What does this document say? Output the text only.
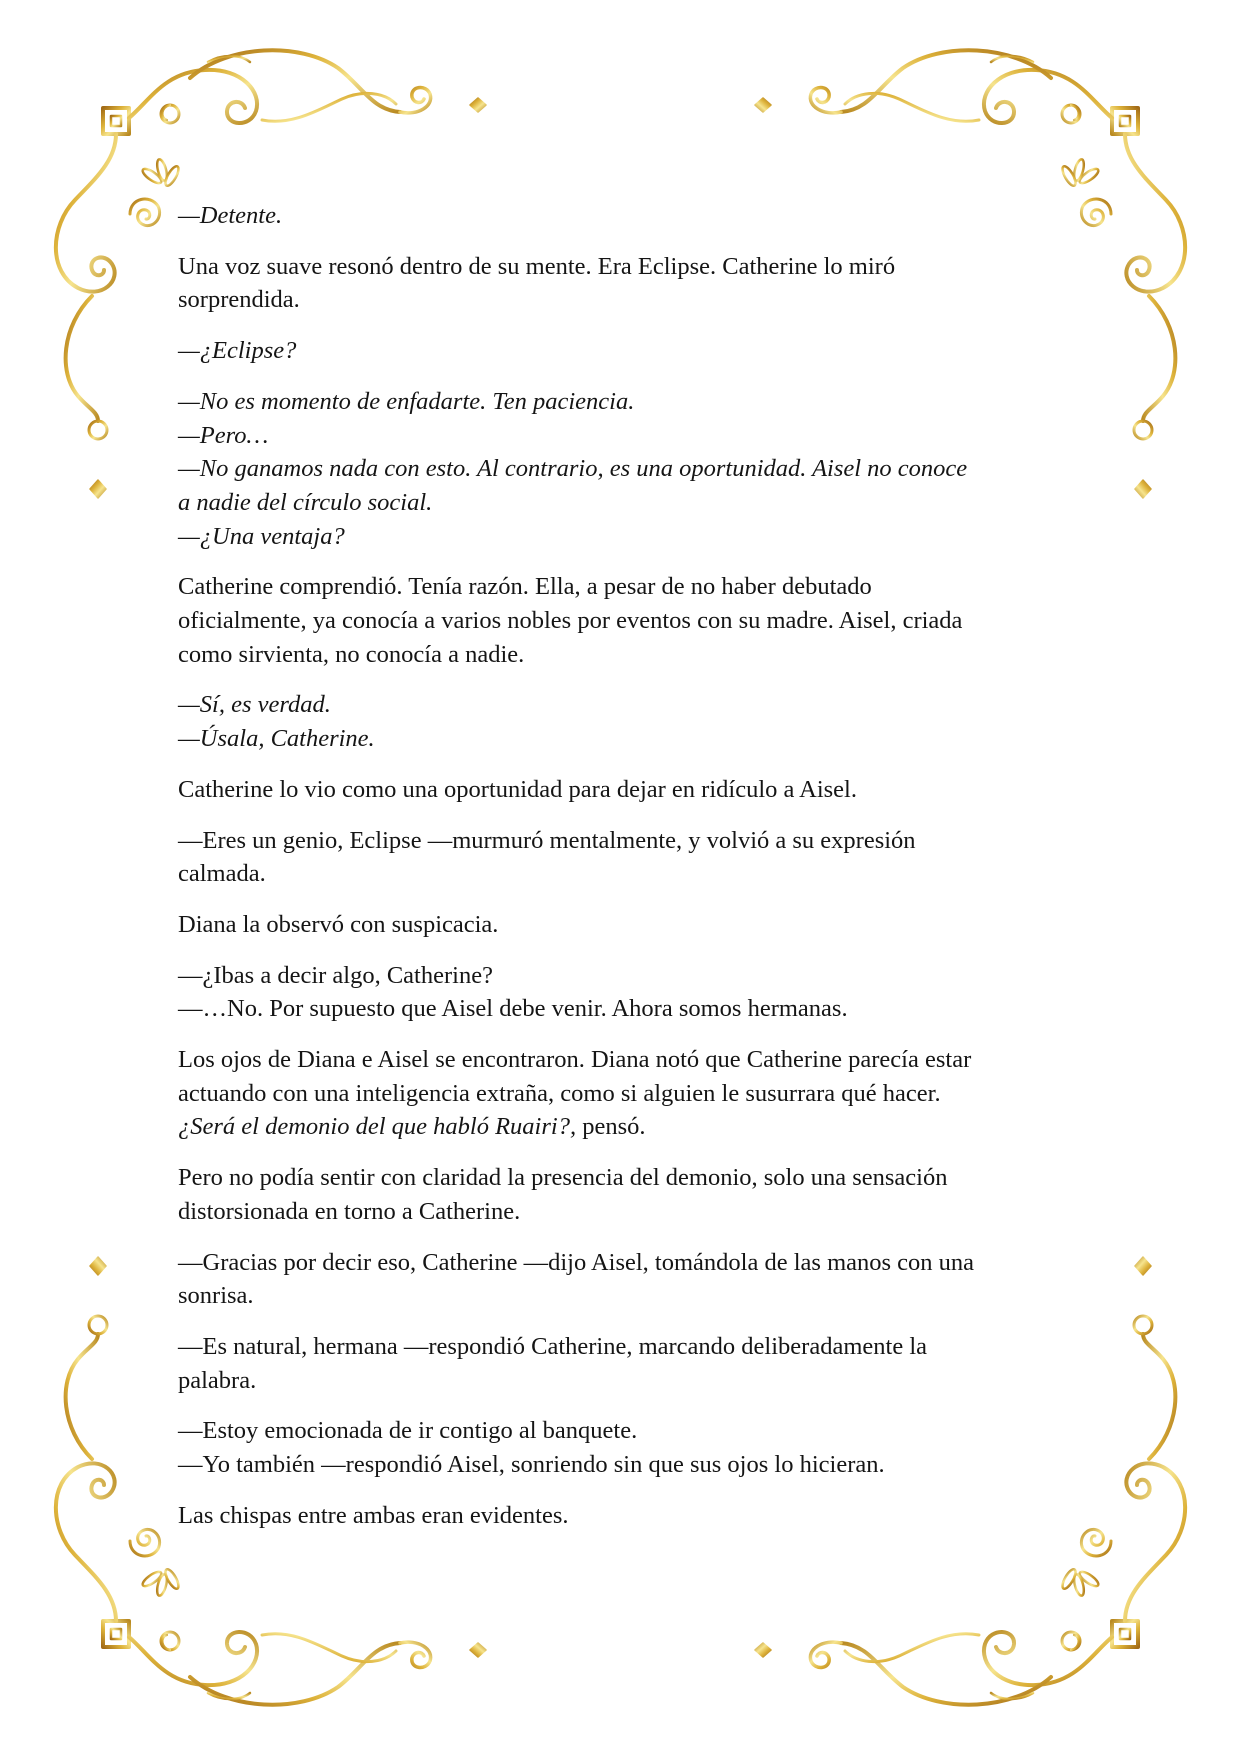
—Detente.
Una voz suave resonó dentro de su mente. Era Eclipse. Catherine lo miró
sorprendida.
—¿Eclipse?
—No es momento de enfadarte. Ten paciencia.
—Pero…
—No ganamos nada con esto. Al contrario, es una oportunidad. Aisel no conoce
a nadie del círculo social.
—¿Una ventaja?
Catherine comprendió. Tenía razón. Ella, a pesar de no haber debutado
oficialmente, ya conocía a varios nobles por eventos con su madre. Aisel, criada
como sirvienta, no conocía a nadie.
—Sí, es verdad.
—Úsala, Catherine.
Catherine lo vio como una oportunidad para dejar en ridículo a Aisel.
—Eres un genio, Eclipse —murmuró mentalmente, y volvió a su expresión
calmada.
Diana la observó con suspicacia.
—¿Ibas a decir algo, Catherine?
—…No. Por supuesto que Aisel debe venir. Ahora somos hermanas.
Los ojos de Diana e Aisel se encontraron. Diana notó que Catherine parecía estar
actuando con una inteligencia extraña, como si alguien le susurrara qué hacer.
¿Será el demonio del que habló Ruairi?, pensó.
Pero no podía sentir con claridad la presencia del demonio, solo una sensación
distorsionada en torno a Catherine.
—Gracias por decir eso, Catherine —dijo Aisel, tomándola de las manos con una
sonrisa.
—Es natural, hermana —respondió Catherine, marcando deliberadamente la
palabra.
—Estoy emocionada de ir contigo al banquete.
—Yo también —respondió Aisel, sonriendo sin que sus ojos lo hicieran.
Las chispas entre ambas eran evidentes.
